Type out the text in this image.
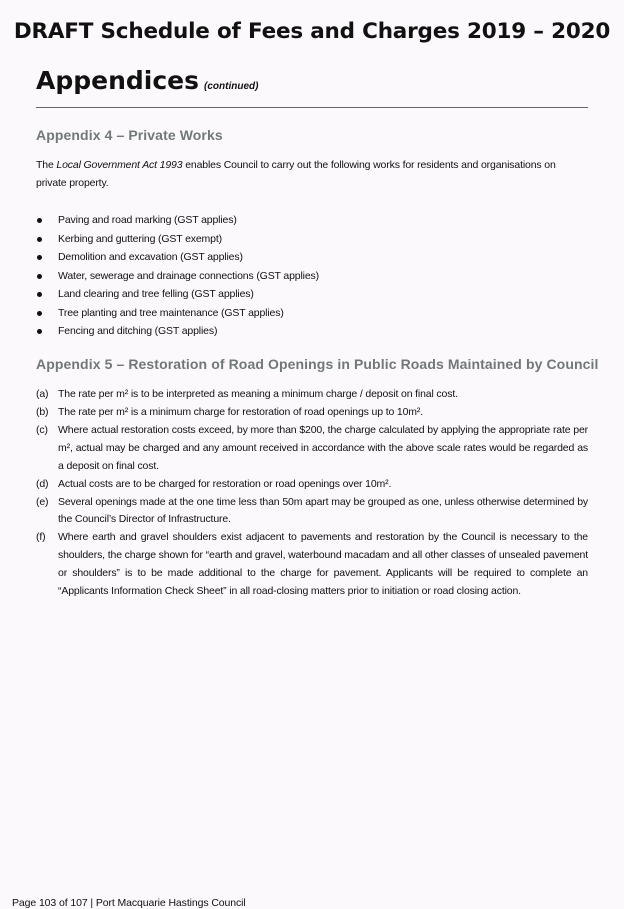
DRAFT Schedule of Fees and Charges 2019 – 2020
Appendices (continued)
Appendix 4 – Private Works
The Local Government Act 1993 enables Council to carry out the following works for residents and organisations on private property.
Paving and road marking (GST applies)
Kerbing and guttering (GST exempt)
Demolition and excavation (GST applies)
Water, sewerage and drainage connections (GST applies)
Land clearing and tree felling (GST applies)
Tree planting and tree maintenance (GST applies)
Fencing and ditching (GST applies)
Appendix 5 – Restoration of Road Openings in Public Roads Maintained by Council
(a) The rate per m² is to be interpreted as meaning a minimum charge / deposit on final cost.
(b) The rate per m² is a minimum charge for restoration of road openings up to 10m².
(c) Where actual restoration costs exceed, by more than $200, the charge calculated by applying the appropriate rate per m², actual may be charged and any amount received in accordance with the above scale rates would be regarded as a deposit on final cost.
(d) Actual costs are to be charged for restoration or road openings over 10m².
(e) Several openings made at the one time less than 50m apart may be grouped as one, unless otherwise determined by the Council’s Director of Infrastructure.
(f) Where earth and gravel shoulders exist adjacent to pavements and restoration by the Council is necessary to the shoulders, the charge shown for “earth and gravel, waterbound macadam and all other classes of unsealed pavement or shoulders” is to be made additional to the charge for pavement. Applicants will be required to complete an “Applicants Information Check Sheet” in all road-closing matters prior to initiation or road closing action.
Page 103 of 107 | Port Macquarie Hastings Council
